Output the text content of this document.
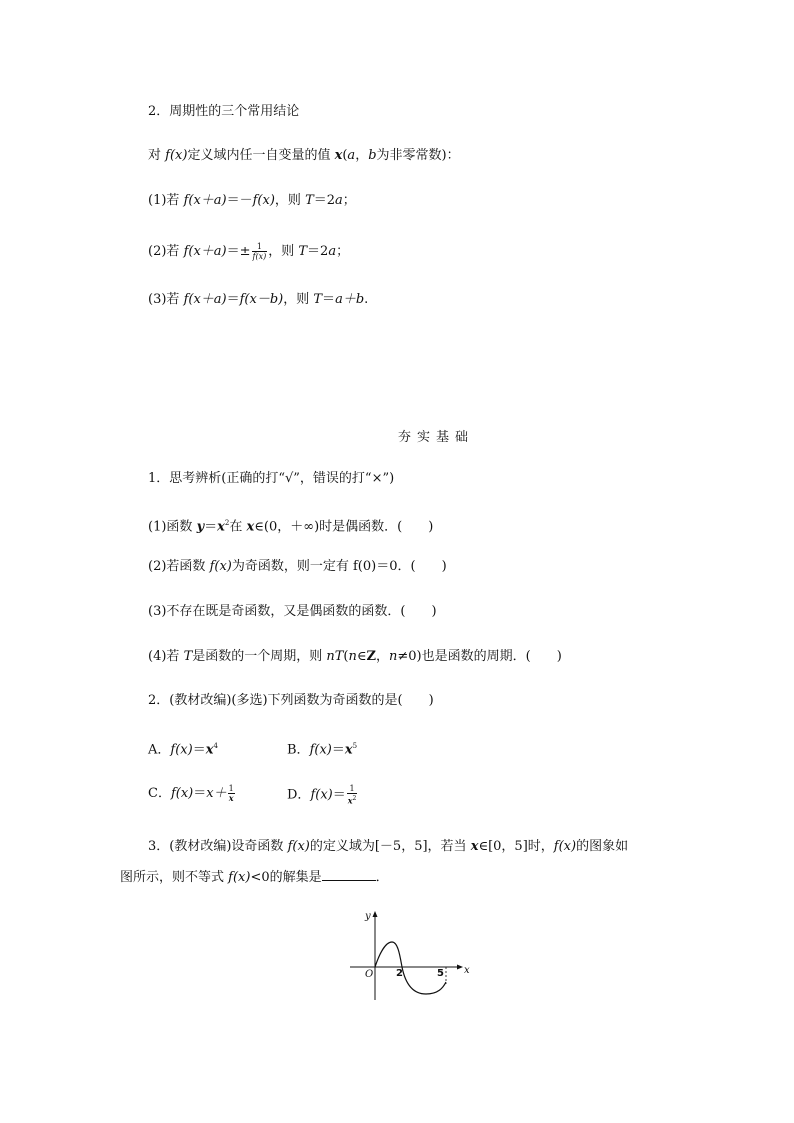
2．周期性的三个常用结论
对 f(x)定义域内任一自变量的值 x(a，b为非零常数)：
(1)若 f(x＋a)＝－f(x)，则 T＝2a；
(2)若 $f(x+a)=\pm \frac{1}{f(x)}$ ，则 T＝2a；
(3)若 f(x＋a)＝f(x－b)，则 T＝a＋b.
夯实基础
1．思考辨析(正确的打“√”，错误的打“×”)
(1)函数 $y=x^2$在 x∈(0，＋∞)时是偶函数．(　　)
(2)若函数 f(x)为奇函数，则一定有 f(0)＝0．(　　)
(3)不存在既是奇函数，又是偶函数的函数．(　　)
(4)若 T是函数的一个周期，则 nT(n∈Z，n≠0)也是函数的周期．(　　)
2．(教材改编)(多选)下列函数为奇函数的是(　　)
A．$f(x)=x^4$	B．$f(x)=x^5$
C．$f(x)=x+ \frac{1}{x}$	D．$f(x)= \frac{1}{x^2}$
3．(教材改编)设奇函数 f(x)的定义域为[－5，5]，若当 x∈[0，5]时，f(x)的图象如
图所示，则不等式 f(x)<0的解集是	．
y
x
O 2	5
